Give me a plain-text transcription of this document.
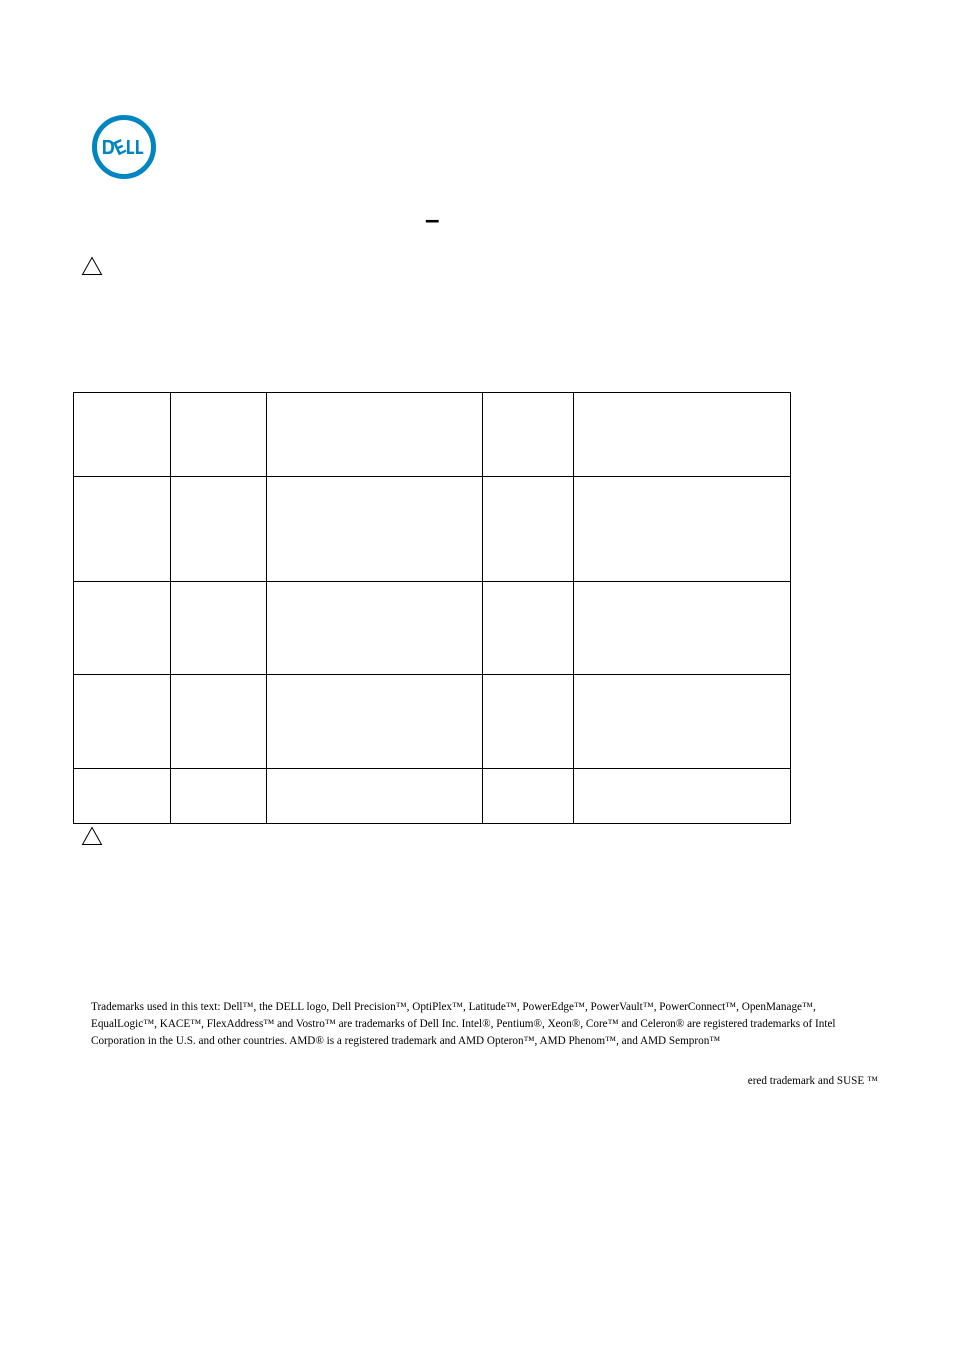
–

Trademarks used in this text: Dell™, the DELL logo, Dell Precision™, OptiPlex™, Latitude™, PowerEdge™, PowerVault™, PowerConnect™, OpenManage™, EqualLogic™, KACE™, FlexAddress™ and Vostro™ are trademarks of Dell Inc. Intel®, Pentium®, Xeon®, Core™ and Celeron® are registered trademarks of Intel Corporation in the U.S. and other countries. AMD® is a registered trademark and AMD Opteron™, AMD Phenom™, and AMD Sempron™
ered trademark and SUSE ™
